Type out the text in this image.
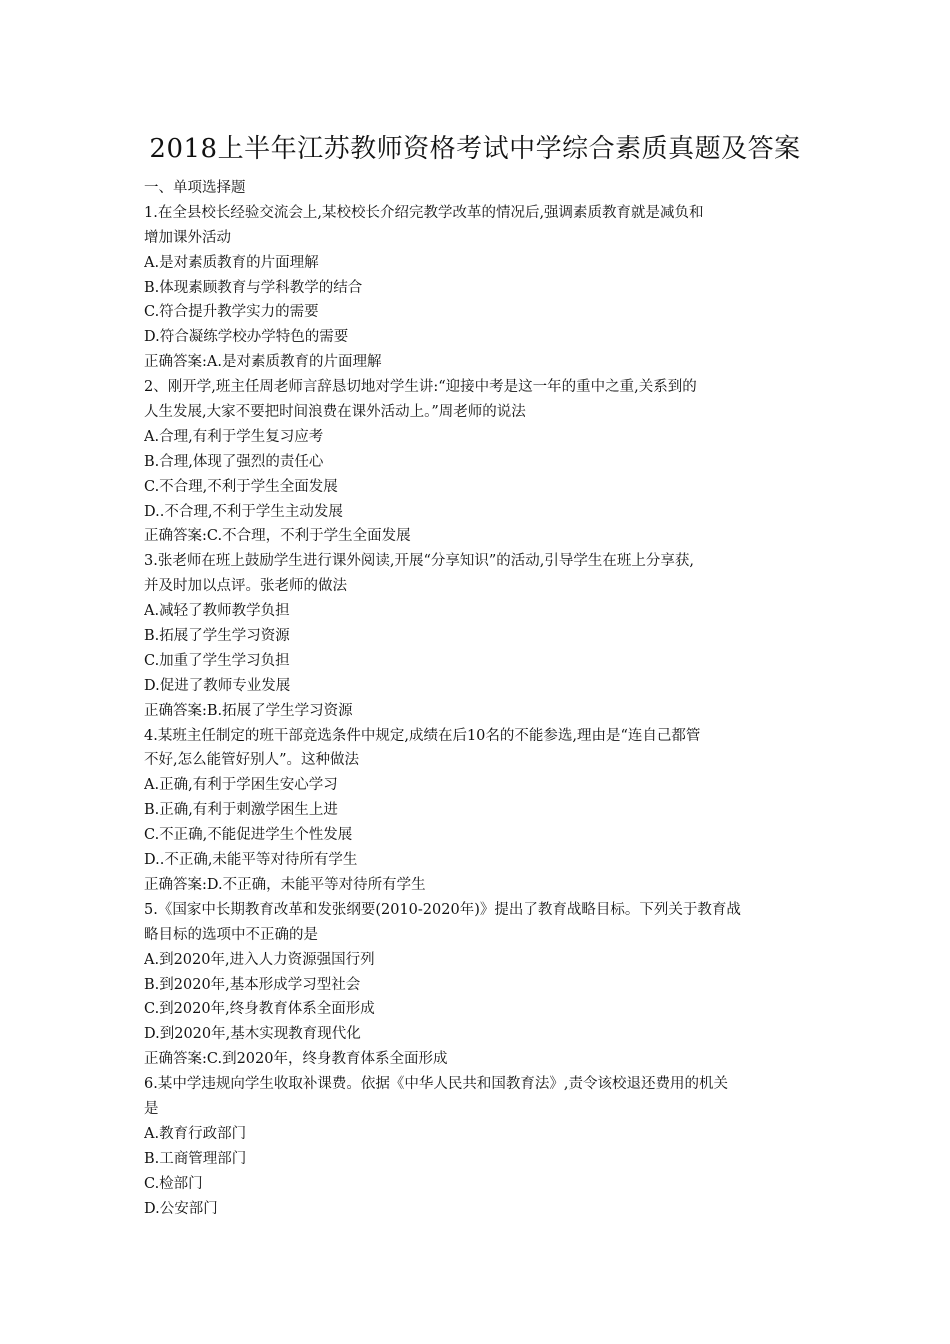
2018上半年江苏教师资格考试中学综合素质真题及答案
一、单项选择题
1.在全县校长经验交流会上,某校校长介绍完教学改革的情况后,强调素质教育就是减负和
增加课外活动
A.是对素质教育的片面理解
B.体现素顾教育与学科教学的结合
C.符合提升教学实力的需要
D.符合凝练学校办学特色的需要
正确答案:A.是对素质教育的片面理解
2、刚开学,班主任周老师言辞恳切地对学生讲:“迎接中考是这一年的重中之重,关系到的
人生发展,大家不要把时间浪费在课外活动上。”周老师的说法
A.合理,有利于学生复习应考
B.合理,体现了强烈的责任心
C.不合理,不利于学生全面发展
D..不合理,不利于学生主动发展
正确答案:C.不合理，不利于学生全面发展
3.张老师在班上鼓励学生进行课外阅读,开展“分享知识”的活动,引导学生在班上分享获,
并及时加以点评。张老师的做法
A.减轻了教师教学负担
B.拓展了学生学习资源
C.加重了学生学习负担
D.促进了教师专业发展
正确答案:B.拓展了学生学习资源
4.某班主任制定的班干部竞选条件中规定,成绩在后10名的不能参选,理由是“连自己都管
不好,怎么能管好别人”。这种做法
A.正确,有利于学困生安心学习
B.正确,有利于刺激学困生上进
C.不正确,不能促进学生个性发展
D..不正确,未能平等对待所有学生
正确答案:D.不正确，未能平等对待所有学生
5.《国家中长期教育改革和发张纲要(2010-2020年)》提出了教育战略目标。下列关于教育战
略目标的选项中不正确的是
A.到2020年,进入人力资源强国行列
B.到2020年,基本形成学习型社会
C.到2020年,终身教育体系全面形成
D.到2020年,基木实现教育现代化
正确答案:C.到2020年，终身教育体系全面形成
6.某中学违规向学生收取补课费。依据《中华人民共和国教育法》,责令该校退还费用的机关
是
A.教育行政部门
B.工商管理部门
C.检部门
D.公安部门
